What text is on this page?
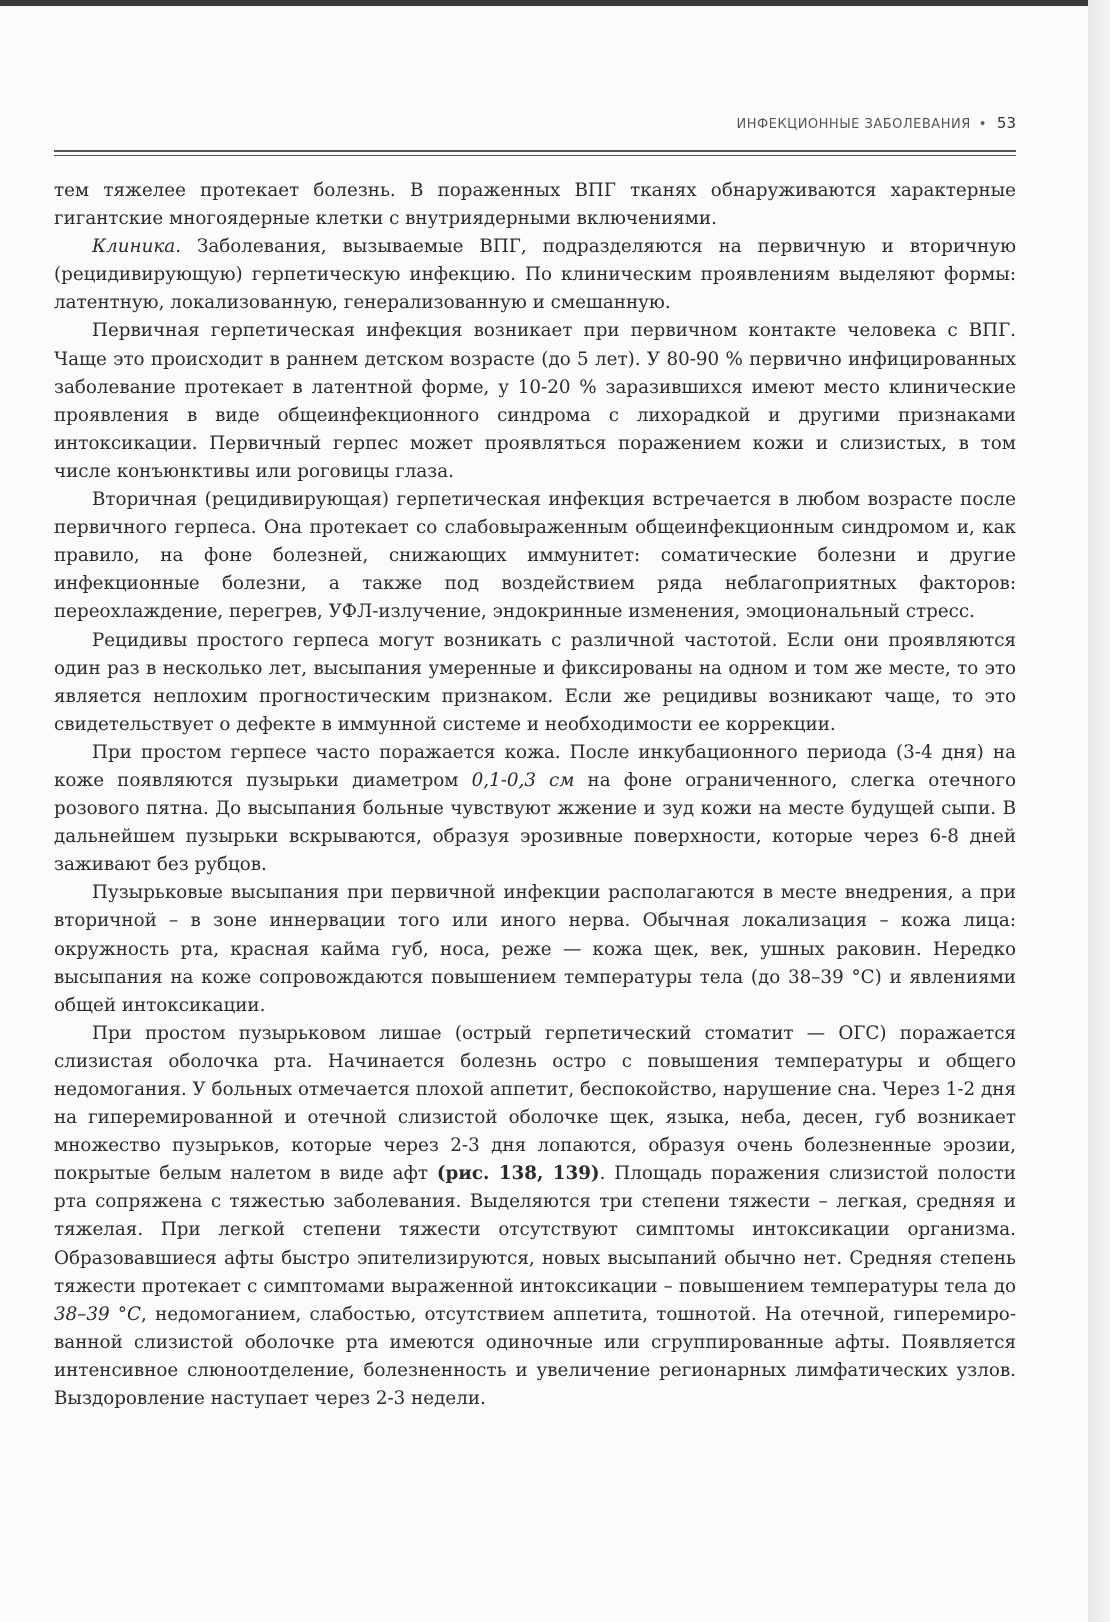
ИНФЕКЦИОННЫЕ ЗАБОЛЕВАНИЯ • 53

тем тяжелее протекает болезнь. В пораженных ВПГ тканях обнаруживаются характерные гигантские многоядерные клетки с внутриядерными включениями.

Клиника. Заболевания, вызываемые ВПГ, подразделяются на первичную и вторичную (рецидивирующую) герпетическую инфекцию. По клиническим проявлениям выделяют формы: латентную, локализованную, генерализованную и смешанную.

Первичная герпетическая инфекция возникает при первичном контакте человека с ВПГ. Чаще это происходит в раннем детском возрасте (до 5 лет). У 80-90 % первично инфицированных заболевание протекает в латентной форме, у 10-20 % заразившихся имеют место клинические проявления в виде общеинфекционного синдрома с лихорадкой и другими признаками интоксикации. Первичный герпес может проявляться поражением кожи и слизистых, в том числе конъюнктивы или роговицы глаза.

Вторичная (рецидивирующая) герпетическая инфекция встречается в любом возрасте после первичного герпеса. Она протекает со слабовыраженным общеинфекционным синдромом и, как правило, на фоне болезней, снижающих иммунитет: соматические болезни и другие инфекционные болезни, а также под воздействием ряда неблагоприятных факторов: переохлаждение, перегрев, УФЛ-излучение, эндокринные изменения, эмоциональный стресс.

Рецидивы простого герпеса могут возникать с различной частотой. Если они проявляются один раз в несколько лет, высыпания умеренные и фиксированы на одном и том же месте, то это является неплохим прогностическим признаком. Если же рецидивы возникают чаще, то это свидетельствует о дефекте в иммунной системе и необходимости ее коррекции.

При простом герпесе часто поражается кожа. После инкубационного периода (3-4 дня) на коже появляются пузырьки диаметром 0,1-0,3 см на фоне ограниченного, слегка отечного розового пятна. До высыпания больные чувствуют жжение и зуд кожи на месте будущей сыпи. В дальнейшем пузырьки вскрываются, образуя эрозивные поверхности, которые через 6-8 дней заживают без рубцов.

Пузырьковые высыпания при первичной инфекции располагаются в месте внедрения, а при вторичной – в зоне иннервации того или иного нерва. Обычная локализация – кожа лица: окружность рта, красная кайма губ, носа, реже — кожа щек, век, ушных раковин. Нередко высыпания на коже сопровождаются повышением температуры тела (до 38–39 °С) и явлениями общей интоксикации.

При простом пузырьковом лишае (острый герпетический стоматит — ОГС) поражается слизистая оболочка рта. Начинается болезнь остро с повышения температуры и общего недомогания. У больных отмечается плохой аппетит, беспокойство, нарушение сна. Через 1-2 дня на гиперемированной и отечной слизистой оболочке щек, языка, неба, десен, губ возникает множество пузырьков, которые через 2-3 дня лопаются, образуя очень болезненные эрозии, покрытые белым налетом в виде афт (рис. 138, 139). Площадь поражения слизистой полости рта сопряжена с тяжестью заболевания. Выделяются три степени тяжести – легкая, средняя и тяжелая. При легкой степени тяжести отсутствуют симптомы интоксикации организма. Образовавшиеся афты быстро эпителизируются, новых высыпаний обычно нет. Средняя степень тяжести протекает с симптомами выраженной интоксикации – повышением температуры тела до 38–39 °С, недомоганием, слабостью, отсутствием аппетита, тошнотой. На отечной, гиперемированной слизистой оболочке рта имеются одиночные или сгруппированные афты. Появляется интенсивное слюноотделение, болезненность и увеличение регионарных лимфатических узлов. Выздоровление наступает через 2-3 недели.
